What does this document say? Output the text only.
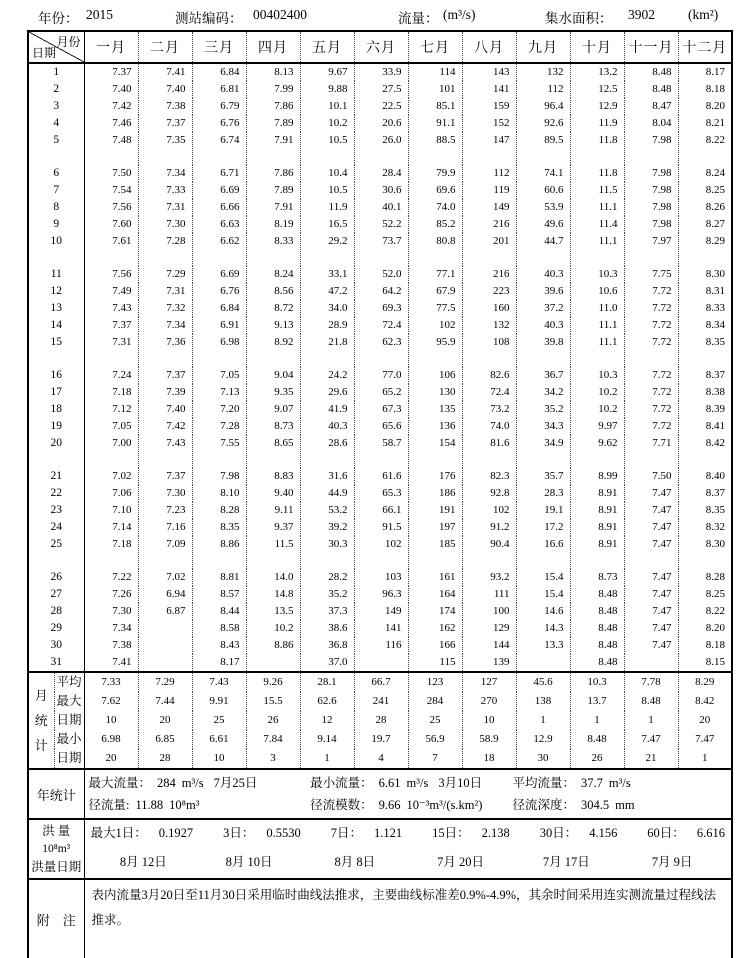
年份： 2015	测站编码： 00402400	流量： (m³/s)	集水面积： 3902 (km²)
月份
日期		一月	二月	三月	四月	五月	六月	七月	八月	九月	十月	十一月	十二月
1		7.37	7.41	6.84	8.13	9.67	33.9	114	143	132	13.2	8.48	8.17
2		7.40	7.40	6.81	7.99	9.88	27.5	101	141	112	12.5	8.48	8.18
3		7.42	7.38	6.79	7.86	10.1	22.5	85.1	159	96.4	12.9	8.47	8.20
4		7.46	7.37	6.76	7.89	10.2	20.6	91.1	152	92.6	11.9	8.04	8.21
5		7.48	7.35	6.74	7.91	10.5	26.0	88.5	147	89.5	11.8	7.98	8.22
6		7.50	7.34	6.71	7.86	10.4	28.4	79.9	112	74.1	11.8	7.98	8.24
7		7.54	7.33	6.69	7.89	10.5	30.6	69.6	119	60.6	11.5	7.98	8.25
8		7.56	7.31	6.66	7.91	11.9	40.1	74.0	149	53.9	11.1	7.98	8.26
9		7.60	7.30	6.63	8.19	16.5	52.2	85.2	216	49.6	11.4	7.98	8.27
10		7.61	7.28	6.62	8.33	29.2	73.7	80.8	201	44.7	11.1	7.97	8.29
11		7.56	7.29	6.69	8.24	33.1	52.0	77.1	216	40.3	10.3	7.75	8.30
12		7.49	7.31	6.76	8.56	47.2	64.2	67.9	223	39.6	10.6	7.72	8.31
13		7.43	7.32	6.84	8.72	34.0	69.3	77.5	160	37.2	11.0	7.72	8.33
14		7.37	7.34	6.91	9.13	28.9	72.4	102	132	40.3	11.1	7.72	8.34
15		7.31	7.36	6.98	8.92	21.8	62.3	95.9	108	39.8	11.1	7.72	8.35
16		7.24	7.37	7.05	9.04	24.2	77.0	106	82.6	36.7	10.3	7.72	8.37
17		7.18	7.39	7.13	9.35	29.6	65.2	130	72.4	34.2	10.2	7.72	8.38
18		7.12	7.40	7.20	9.07	41.9	67.3	135	73.2	35.2	10.2	7.72	8.39
19		7.05	7.42	7.28	8.73	40.3	65.6	136	74.0	34.3	9.97	7.72	8.41
20		7.00	7.43	7.55	8.65	28.6	58.7	154	81.6	34.9	9.62	7.71	8.42
21		7.02	7.37	7.98	8.83	31.6	61.6	176	82.3	35.7	8.99	7.50	8.40
22		7.06	7.30	8.10	9.40	44.9	65.3	186	92.8	28.3	8.91	7.47	8.37
23		7.10	7.23	8.28	9.11	53.2	66.1	191	102	19.1	8.91	7.47	8.35
24		7.14	7.16	8.35	9.37	39.2	91.5	197	91.2	17.2	8.91	7.47	8.32
25		7.18	7.09	8.86	11.5	30.3	102	185	90.4	16.6	8.91	7.47	8.30
26		7.22	7.02	8.81	14.0	28.2	103	161	93.2	15.4	8.73	7.47	8.28
27		7.26	6.94	8.57	14.8	35.2	96.3	164	111	15.4	8.48	7.47	8.25
28		7.30	6.87	8.44	13.5	37.3	149	174	100	14.6	8.48	7.47	8.22
29		7.34		8.58	10.2	38.6	141	162	129	14.3	8.48	7.47	8.20
30		7.38		8.43	8.86	36.8	116	166	144	13.3	8.48	7.47	8.18
31		7.41		8.17		37.0		115	139		8.48		8.15

月
统
计	平均	7.33	7.29	7.43	9.26	28.1	66.7	123	127	45.6	10.3	7.78	8.29
	最大	7.62	7.44	9.91	15.5	62.6	241	284	270	138	13.7	8.48	8.42
	日期	10	20	25	26	12	28	25	10	1	1	1	20
	最小	6.98	6.85	6.61	7.84	9.14	19.7	56.9	58.9	12.9	8.48	7.47	7.47
	日期	20	28	10	3	1	4	7	18	30	26	21	1
年统计	
最大流量： 284 m³/s 7月25日	最小流量： 6.61 m³/s 3月10日	平均流量： 37.7 m³/s
径流量: 11.88 10⁸m³	径流模数： 9.66 10⁻³m³/(s.km²)	径流深度： 304.5 mm

洪 量
10⁸m³
洪量日期

最大1日： 0.1927 3日： 0.5530 7日： 1.121 15日： 2.138 30日： 4.156 60日： 6.616
8月 12日	8月 10日	8月 8日	7月 20日	7月 17日	7月 9日

附　注		表内流量3月20日至11月30日采用临时曲线法推求，主要曲线标准差0.9%-4.9%，其余时间采用连实测流量过程线法推求。											
